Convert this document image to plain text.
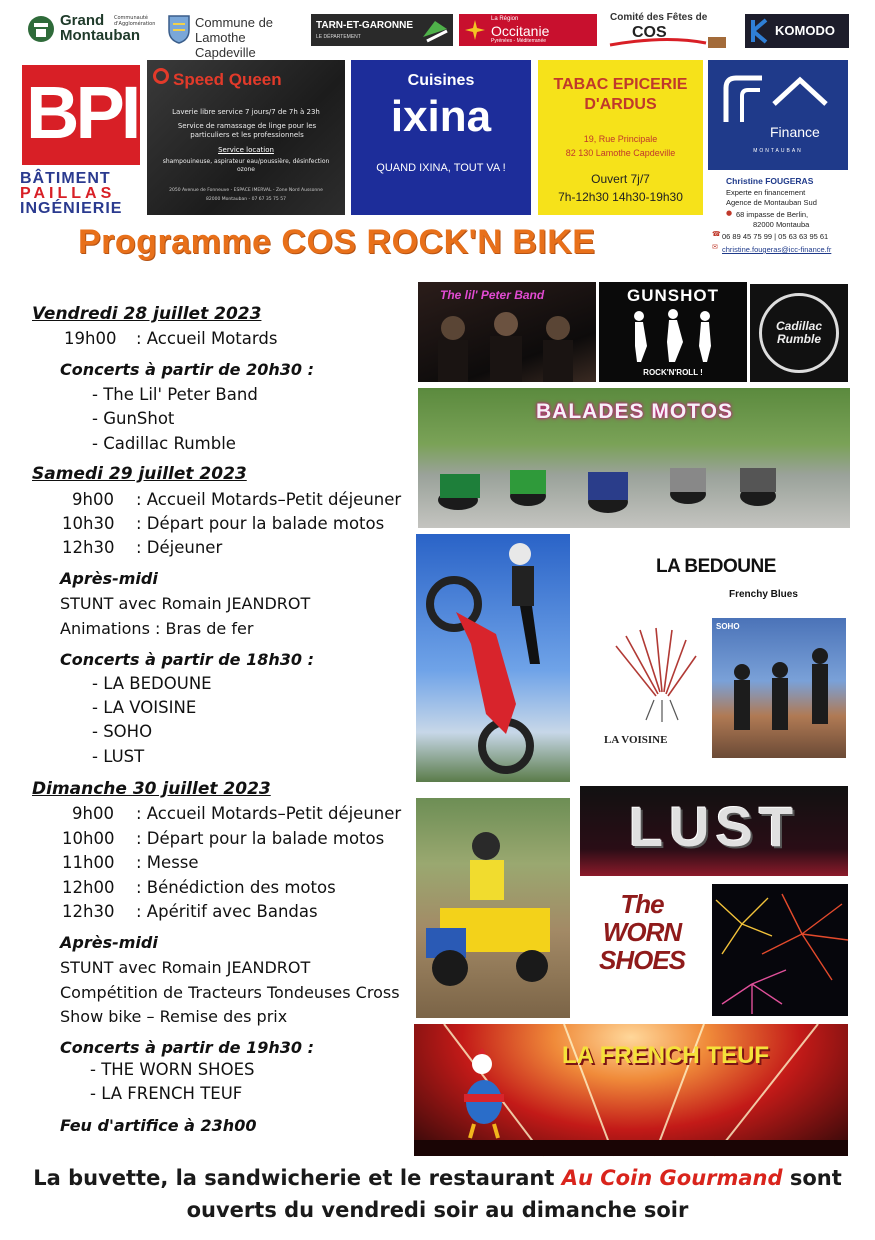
Grand
Montauban
Communauté d'Agglomération	Commune de
Lamothe Capdeville
TARN-ET-GARONNE
LE DÉPARTEMENT
La Région
Occitanie
Pyrénées - Méditerranée
Comité des Fêtes de
COS	KOMODO
BPI
BÂTIMENT
PAILLAS
INGÉNIERIE
Speed Queen
Laverie libre service 7 jours/7 de 7h à 23h
Service de ramassage de linge pour les particuliers et les professionnels
Service location
shampouineuse, aspirateur eau/poussière, désinfection ozone
2050 Avenue de Fonneuve - ESPACE IMERVAL - Zone Nord Aussonne
82000 Montauban - 07 67 35 75 57
Cuisines
ixina
QUAND IXINA, TOUT VA !
TABAC EPICERIE
D'ARDUS
19, Rue Principale
82 130 Lamothe Capdeville
Ouvert 7j/7
7h-12h30 14h30-19h30
Finance
MONTAUBAN
Christine FOUGERAS
Experte en financement
Agence de Montauban Sud
● 68 impasse de Berlin,
82000 Montauba
☎ 06 89 45 75 99 | 05 63 63 95 61
✉ christine.fougeras@icc-finance.fr
Programme COS ROCK'N BIKE
Vendredi 28 juillet 2023
19h00 : Accueil Motards
Concerts à partir de 20h30 :
- The Lil' Peter Band
- GunShot
- Cadillac Rumble
Samedi 29 juillet 2023
9h00 : Accueil Motards–Petit déjeuner
10h30 : Départ pour la balade motos
12h30 : Déjeuner
Après-midi
STUNT avec Romain JEANDROT
Animations : Bras de fer
Concerts à partir de 18h30 :
- LA BEDOUNE
- LA VOISINE
- SOHO
- LUST
Dimanche 30 juillet 2023
9h00 : Accueil Motards–Petit déjeuner
10h00 : Départ pour la balade motos
11h00 : Messe
12h00 : Bénédiction des motos
12h30 : Apéritif avec Bandas
Après-midi
STUNT avec Romain JEANDROT
Compétition de Tracteurs Tondeuses Cross
Show bike – Remise des prix
Concerts à partir de 19h30 :
- THE WORN SHOES
- LA FRENCH TEUF
Feu d'artifice à 23h00
The lil' Peter Band	GUNSHOT
ROCK'N'ROLL !
Cadillac Rumble
BALADES MOTOS
LA BEDOUNE
Frenchy Blues
LA VOISINE
SOHO
LUST
The WORN SHOES
LA FRENCH TEUF
La buvette, la sandwicherie et le restaurant Au Coin Gourmand sont
ouverts du vendredi soir au dimanche soir
